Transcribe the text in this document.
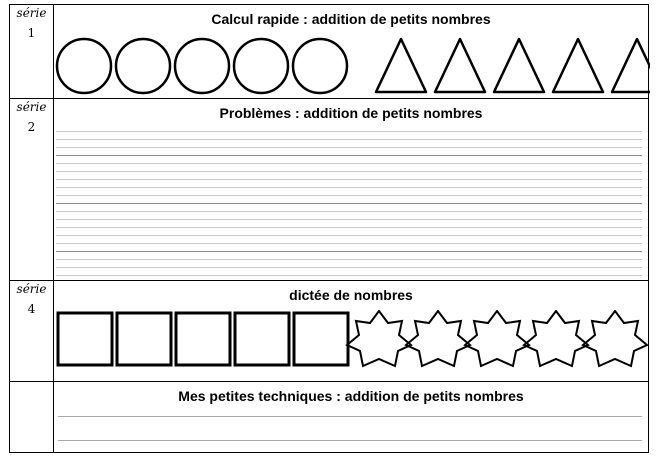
série
1	Calcul rapide : addition de petits nombres

série
2	Problèmes : addition de petits nombres

série
4	dictée de nombres

	Mes petites techniques : addition de petits nombres
